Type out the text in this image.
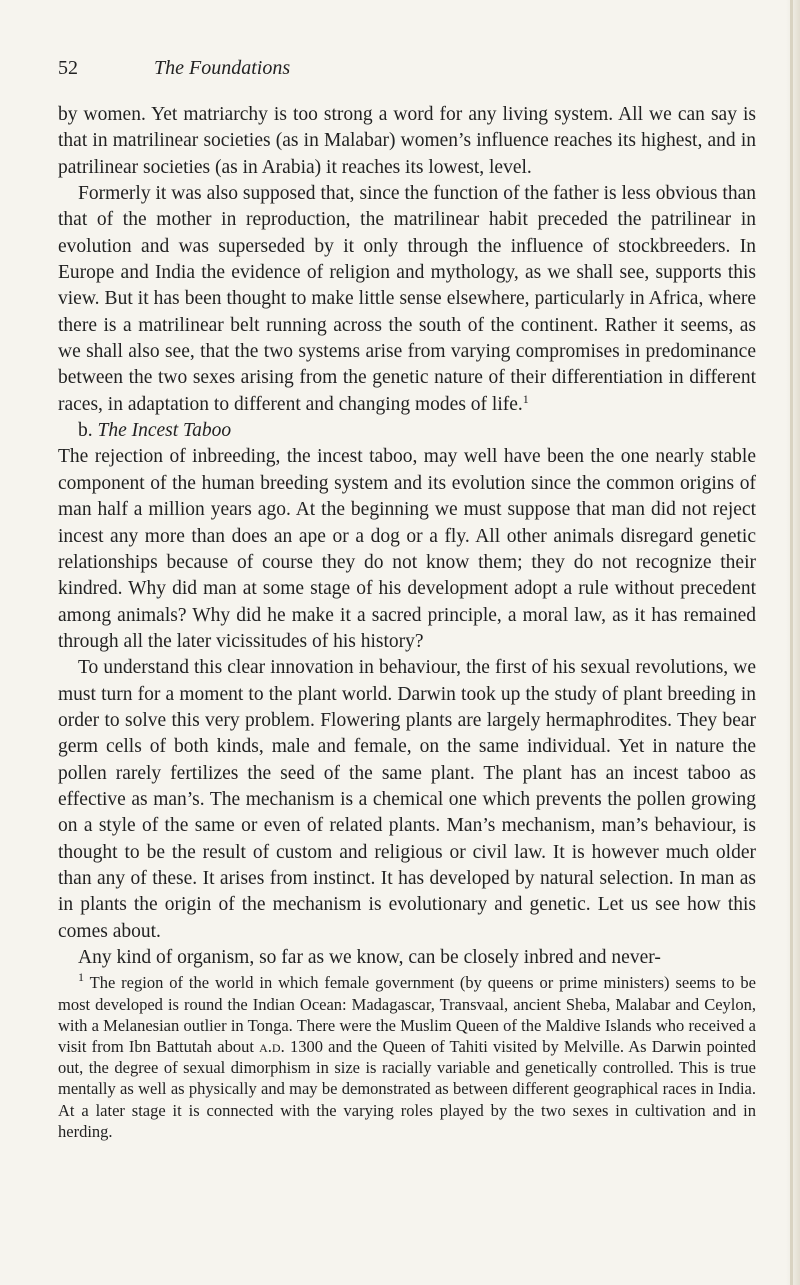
52	The Foundations

by women. Yet matriarchy is too strong a word for any living system. All we can say is that in matrilinear societies (as in Malabar) women’s influence reaches its highest, and in patrilinear societies (as in Arabia) it reaches its lowest, level.

Formerly it was also supposed that, since the function of the father is less obvious than that of the mother in reproduction, the matrilinear habit preceded the patrilinear in evolution and was superseded by it only through the influence of stockbreeders. In Europe and India the evidence of religion and mythology, as we shall see, supports this view. But it has been thought to make little sense elsewhere, particularly in Africa, where there is a matrilinear belt running across the south of the continent. Rather it seems, as we shall also see, that the two systems arise from varying compromises in predominance between the two sexes arising from the genetic nature of their differentiation in different races, in adaptation to different and changing modes of life.$^1$

b. The Incest Taboo

The rejection of inbreeding, the incest taboo, may well have been the one nearly stable component of the human breeding system and its evolution since the common origins of man half a million years ago. At the beginning we must suppose that man did not reject incest any more than does an ape or a dog or a fly. All other animals disregard genetic relationships because of course they do not know them; they do not recognize their kindred. Why did man at some stage of his development adopt a rule without precedent among animals? Why did he make it a sacred principle, a moral law, as it has remained through all the later vicissitudes of his history?

To understand this clear innovation in behaviour, the first of his sexual revolutions, we must turn for a moment to the plant world. Darwin took up the study of plant breeding in order to solve this very problem. Flowering plants are largely hermaphrodites. They bear germ cells of both kinds, male and female, on the same individual. Yet in nature the pollen rarely fertilizes the seed of the same plant. The plant has an incest taboo as effective as man’s. The mechanism is a chemical one which prevents the pollen growing on a style of the same or even of related plants. Man’s mechanism, man’s behaviour, is thought to be the result of custom and religious or civil law. It is however much older than any of these. It arises from instinct. It has developed by natural selection. In man as in plants the origin of the mechanism is evolutionary and genetic. Let us see how this comes about.

Any kind of organism, so far as we know, can be closely inbred and never-

$^1$ The region of the world in which female government (by queens or prime ministers) seems to be most developed is round the Indian Ocean: Madagascar, Transvaal, ancient Sheba, Malabar and Ceylon, with a Melanesian outlier in Tonga. There were the Muslim Queen of the Maldive Islands who received a visit from Ibn Battutah about a.d. 1300 and the Queen of Tahiti visited by Melville. As Darwin pointed out, the degree of sexual dimorphism in size is racially variable and genetically controlled. This is true mentally as well as physically and may be demonstrated as between different geographical races in India. At a later stage it is connected with the varying roles played by the two sexes in cultivation and in herding.
